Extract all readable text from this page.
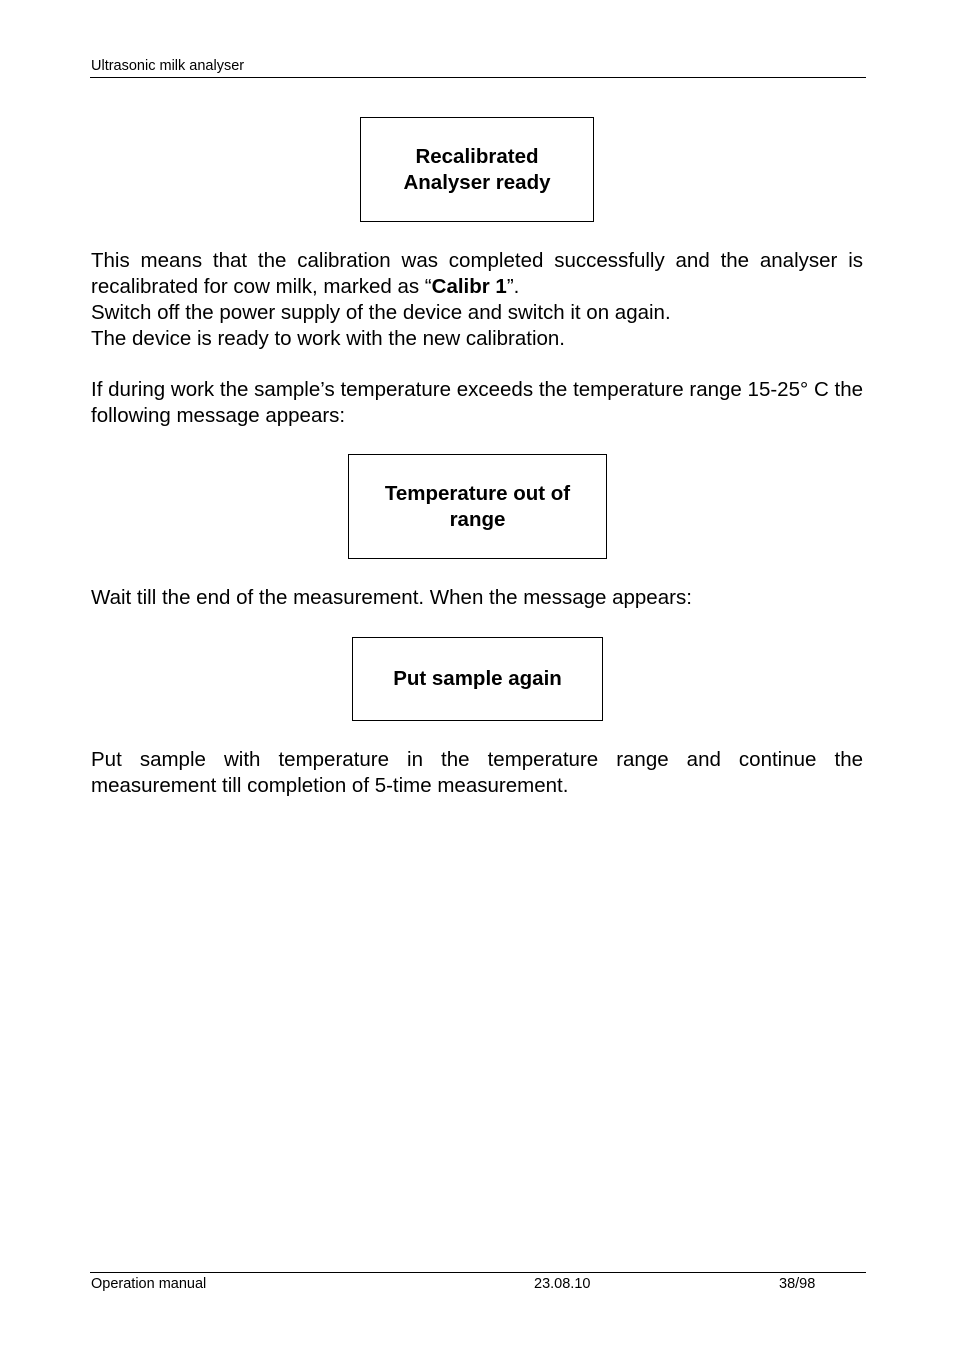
Ultrasonic milk analyser
Recalibrated
Analyser ready
This means that the calibration was completed successfully and the analyser is recalibrated for cow milk, marked as “Calibr 1”.
Switch off the power supply of the device and switch it on again.
The device is ready to work with the new calibration.
If during work the sample’s temperature exceeds the temperature range 15-25° C the following message appears:
Temperature out of
range
Wait till the end of the measurement. When the message appears:
Put sample again
Put sample with temperature in the temperature range and continue the measurement till completion of 5-time measurement.
Operation manual	23.08.10	38/98
